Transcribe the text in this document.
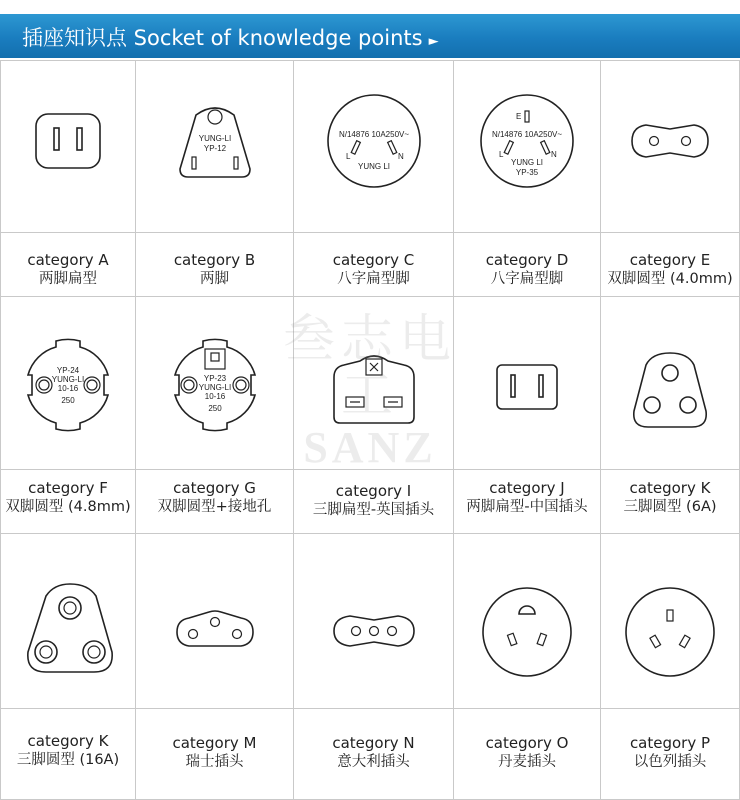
插座知识点 Socket of knowledge points ►
category A
两脚扁型
YUNG-LI
YP-12
category B
两脚
N/14876 10A250V~
L	N
YUNG LI
category C
八字扁型脚
E
N/14876 10A250V~
L	N
YUNG LI
YP-35
category D
八字扁型脚
category E
双脚圆型 (4.0mm)
YP-24
YUNG-LI
10-16
250
category F
双脚圆型 (4.8mm)
YP-23
YUNG-LI
10-16
250
category G
双脚圆型+接地孔
category I
三脚扁型-英国插头
category J
两脚扁型-中国插头
category K
三脚圆型 (6A)
category K
三脚圆型 (16A)
category M
瑞士插头
category N
意大利插头
category O
丹麦插头
category P
以色列插头
叁志电工
SANZ
